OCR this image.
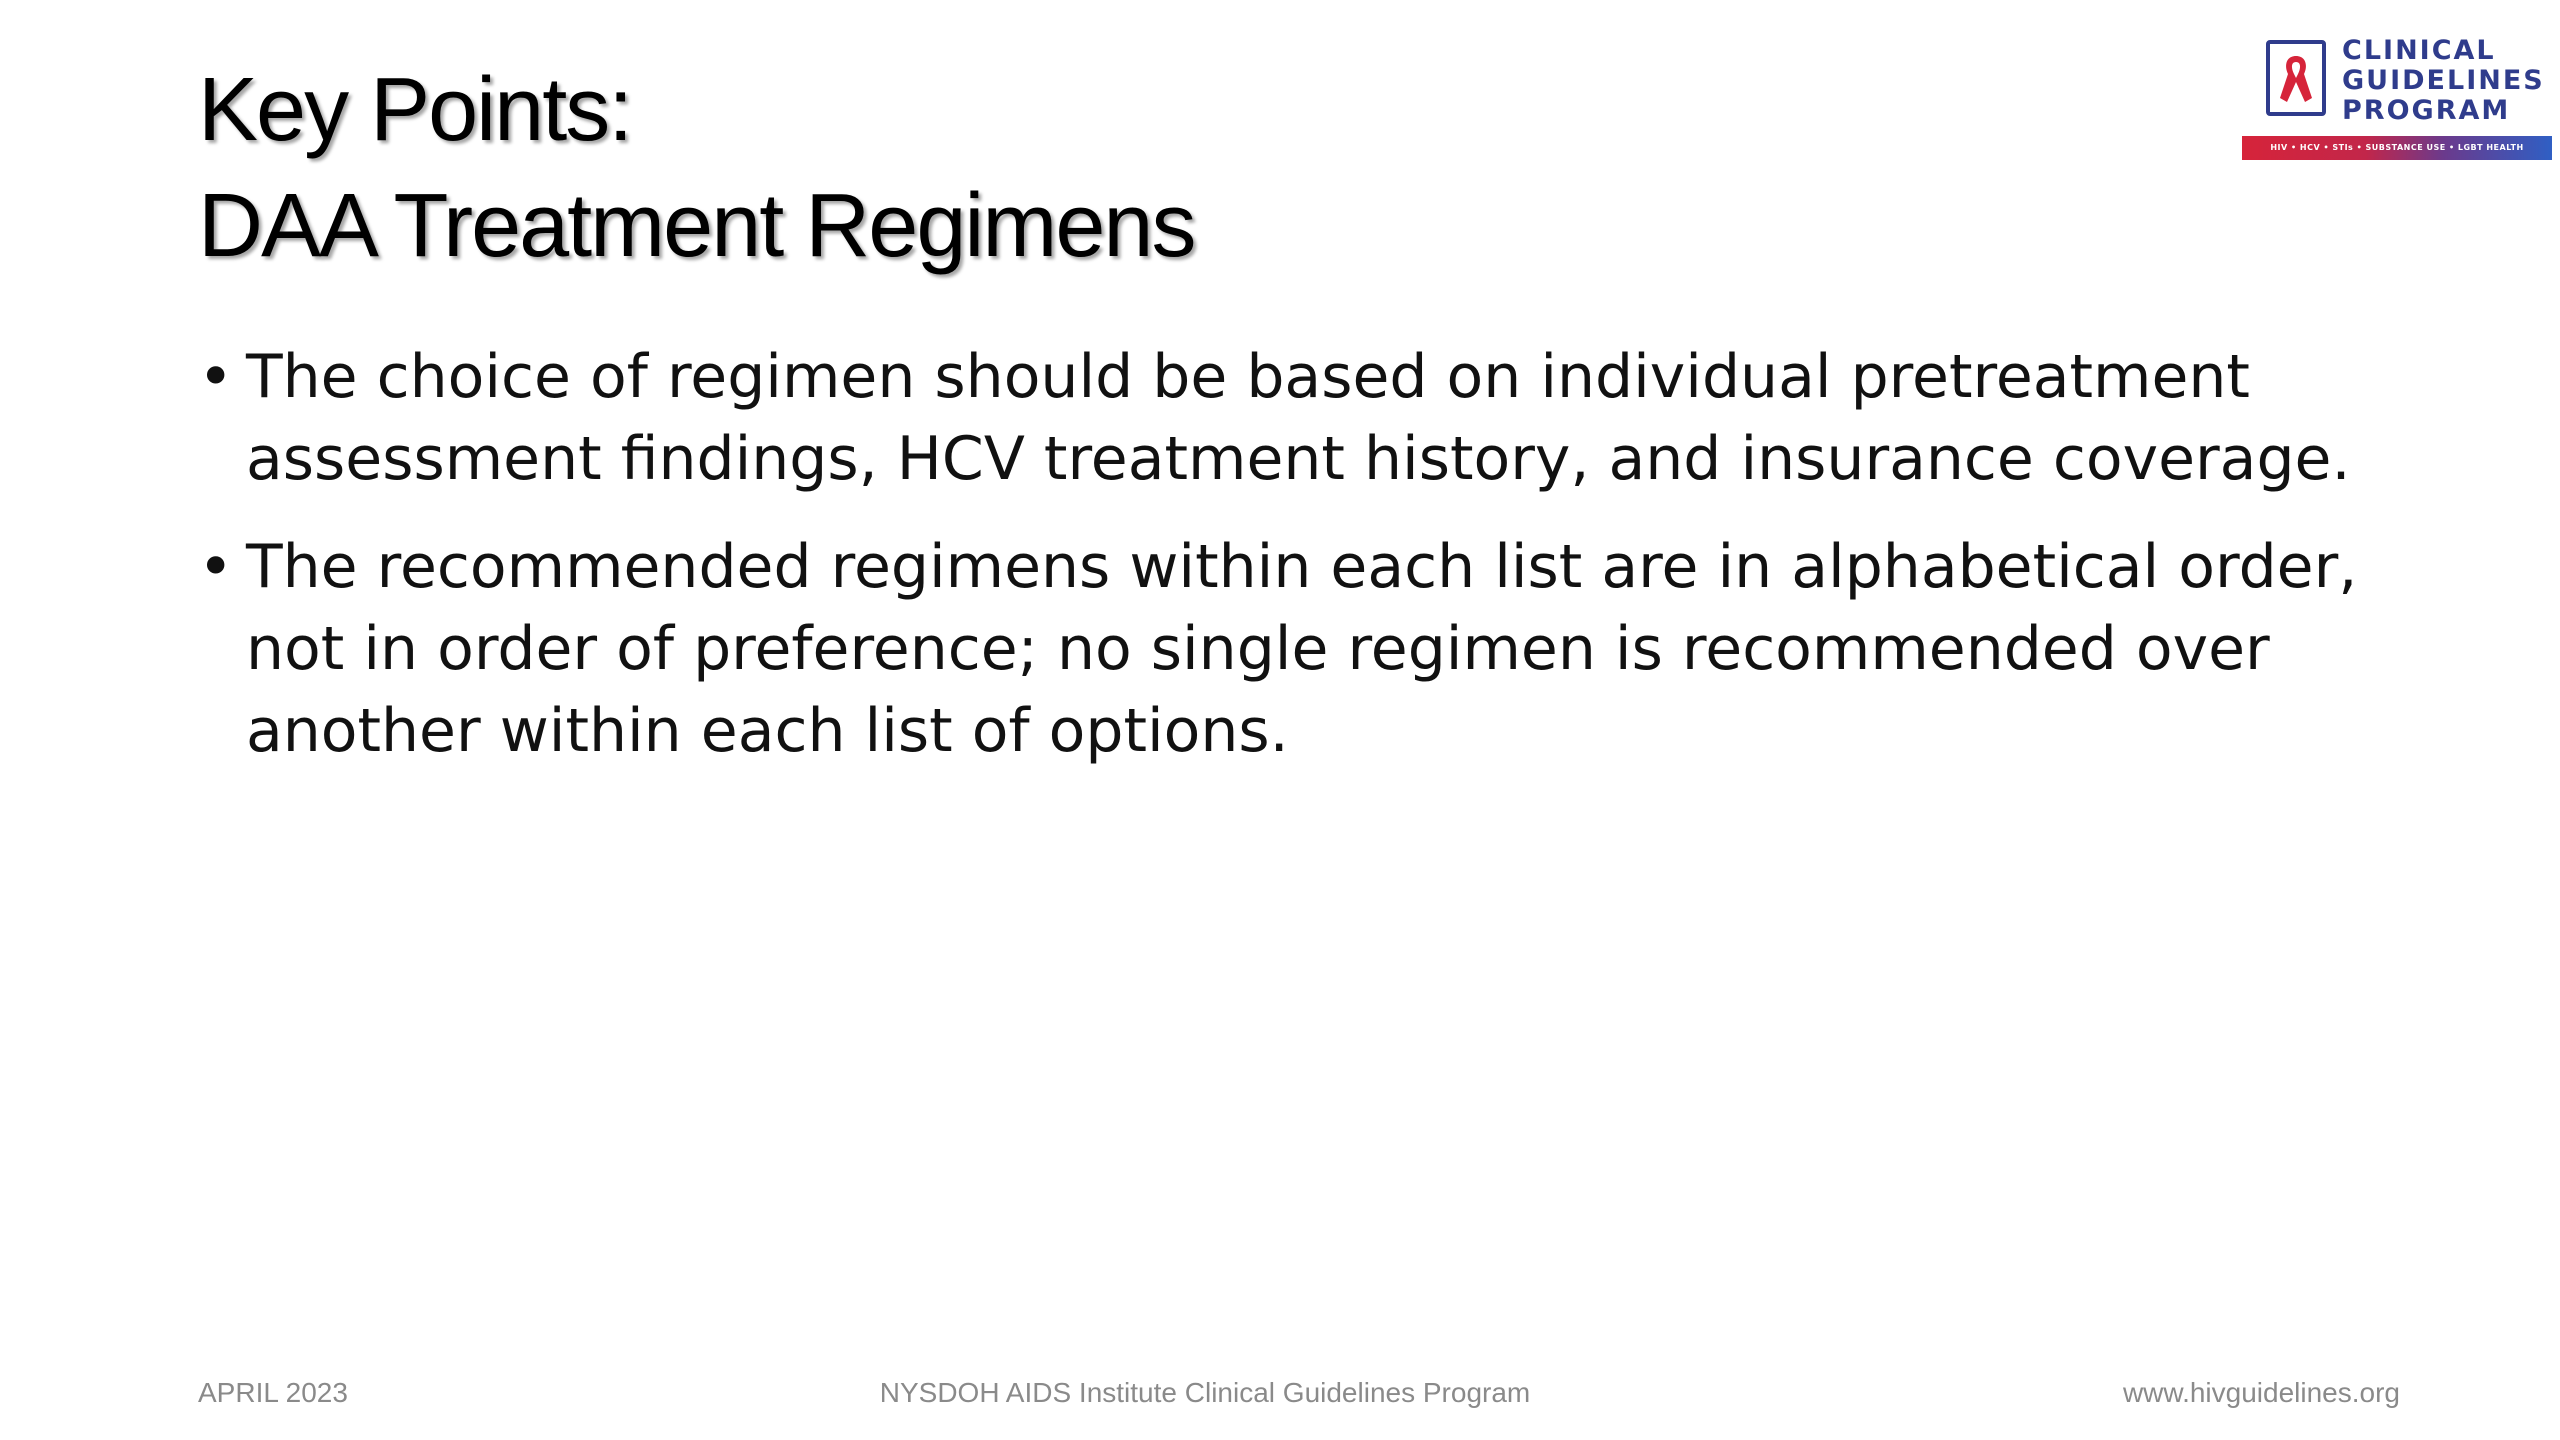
Key Points:
DAA Treatment Regimens
CLINICAL
GUIDELINES
PROGRAM
HIV • HCV • STIs • SUBSTANCE USE • LGBT HEALTH
• The choice of regimen should be based on individual pretreatment assessment findings, HCV treatment history, and insurance coverage.
• The recommended regimens within each list are in alphabetical order, not in order of preference; no single regimen is recommended over another within each list of options.
APRIL 2023	NYSDOH AIDS Institute Clinical Guidelines Program	www.hivguidelines.org
